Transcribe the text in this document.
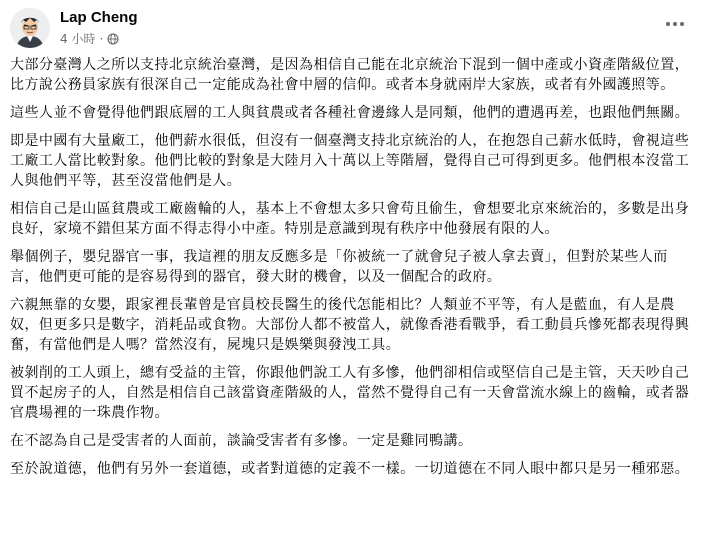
Lap Cheng
4 小時 ·

大部分臺灣人之所以支持北京統治臺灣，是因為相信自己能在北京統治下混到一個中產或小資產階級位置，比方說公務員家族有很深自己一定能成為社會中層的信仰。或者本身就兩岸大家族，或者有外國護照等。

這些人並不會覺得他們跟底層的工人與貧農或者各種社會邊緣人是同類，他們的遭遇再差，也跟他們無關。

即是中國有大量廠工，他們薪水很低，但沒有一個臺灣支持北京統治的人，在抱怨自己薪水低時，會視這些工廠工人當比較對象。他們比較的對象是大陸月入十萬以上等階層，覺得自己可得到更多。他們根本沒當工人與他們平等，甚至沒當他們是人。

相信自己是山區貧農或工廠齒輪的人，基本上不會想太多只會苟且偷生，會想要北京來統治的，多數是出身良好，家境不錯但某方面不得志得小中產。特別是意識到現有秩序中他發展有限的人。

舉個例子，嬰兒器官一事，我這裡的朋友反應多是「你被統一了就會兒子被人拿去賣」，但對於某些人而言，他們更可能的是容易得到的器官，發大財的機會，以及一個配合的政府。

六親無靠的女嬰，跟家裡長輩曾是官員校長醫生的後代怎能相比？人類並不平等，有人是藍血，有人是農奴，但更多只是數字，消耗品或食物。大部份人都不被當人，就像香港看戰爭，看工動員兵慘死都表現得興奮，有當他們是人嗎？當然沒有，屍塊只是娛樂與發洩工具。

被剝削的工人頭上，總有受益的主管，你跟他們說工人有多慘，他們卻相信或堅信自己是主管，天天吵自己買不起房子的人，自然是相信自己該當資產階級的人，當然不覺得自己有一天會當流水線上的齒輪，或者器官農場裡的一珠農作物。

在不認為自己是受害者的人面前，談論受害者有多慘。一定是雞同鴨講。

至於說道德，他們有另外一套道德，或者對道德的定義不一樣。一切道德在不同人眼中都只是另一種邪惡。
